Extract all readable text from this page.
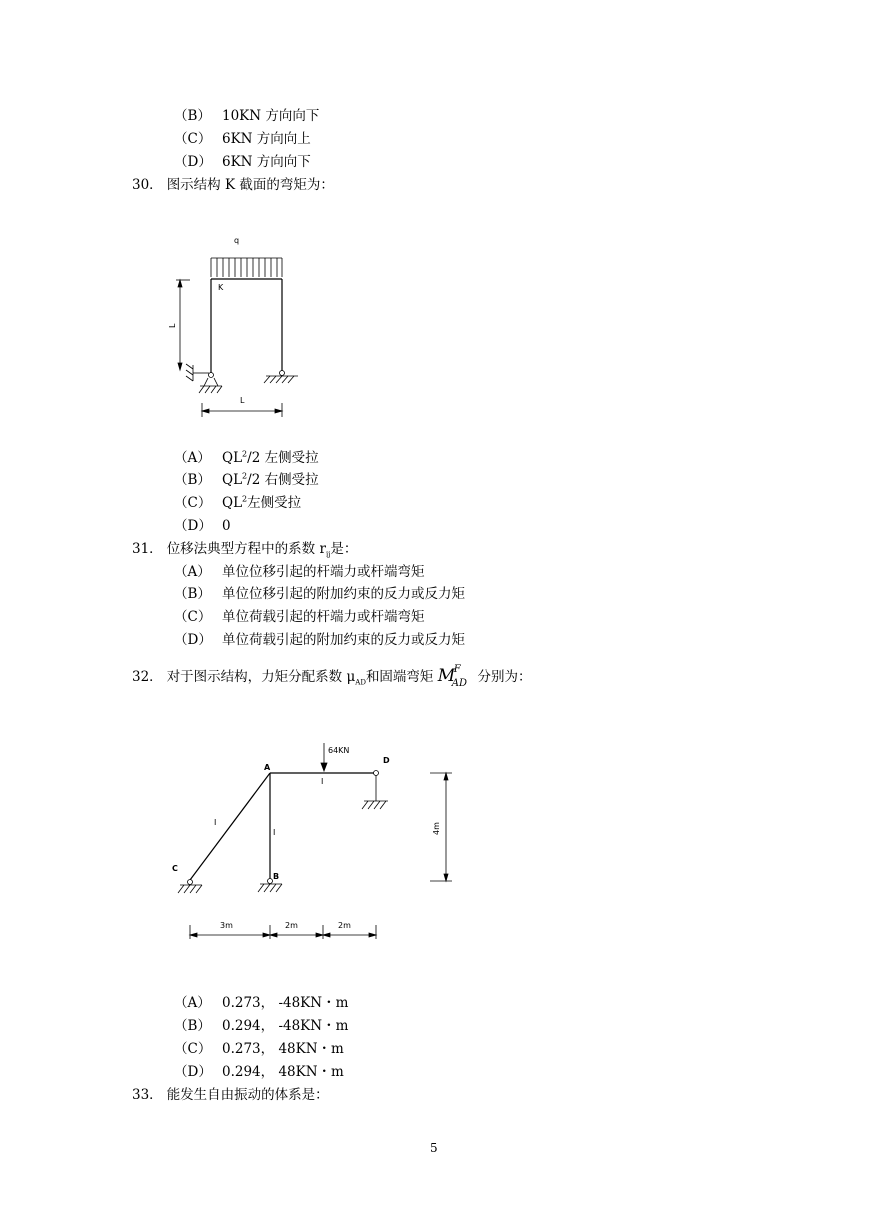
（B） 10KN 方向向下
（C） 6KN 方向向上
（D） 6KN 方向向下
30． 图示结构 K 截面的弯矩为：
q
K
L
L
（A） $QL^2/2$ 左侧受拉
（B） $QL^2/2$ 右侧受拉
（C） $QL^2$左侧受拉
（D） 0
31． 位移法典型方程中的系数 $r_{ij}$是：
（A） 单位位移引起的杆端力或杆端弯矩
（B） 单位位移引起的附加约束的反力或反力矩
（C） 单位荷载引起的杆端力或杆端弯矩
（D） 单位荷载引起的附加约束的反力或反力矩
32． 对于图示结构，力矩分配系数 $\mu_{AD}$和固端弯矩 M
F
AD 分别为：
64KN
A
D
C
B
I
I
I	4m
3m	2m	2m
（A） 0.273， -48KN・m
（B） 0.294， -48KN・m
（C） 0.273， 48KN・m
（D） 0.294， 48KN・m
33． 能发生自由振动的体系是：
5
